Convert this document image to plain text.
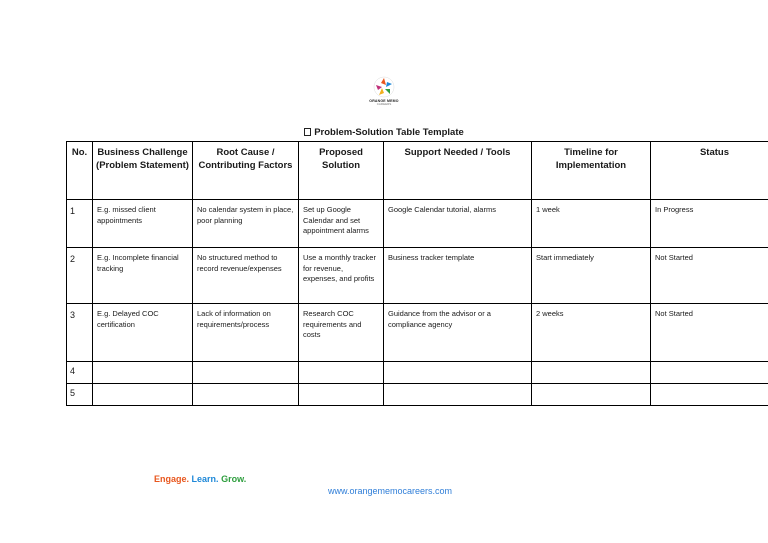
ORANGE MEMO
CAREERS
Problem-Solution Table Template
No.	Business Challenge (Problem Statement)	Root Cause / Contributing Factors	Proposed Solution	Support Needed / Tools	Timeline for Implementation	Status
1	E.g. missed client appointments	No calendar system in place, poor planning	Set up Google Calendar and set appointment alarms	Google Calendar tutorial, alarms	1 week	In Progress
2	E.g. Incomplete financial tracking	No structured method to record revenue/expenses	Use a monthly tracker for revenue, expenses, and profits	Business tracker template	Start immediately	Not Started
3	E.g. Delayed COC certification	Lack of information on requirements/process	Research COC requirements and costs	Guidance from the advisor or a compliance agency	2 weeks	Not Started
4						
5						
Engage. Learn. Grow.
www.orangememocareers.com
